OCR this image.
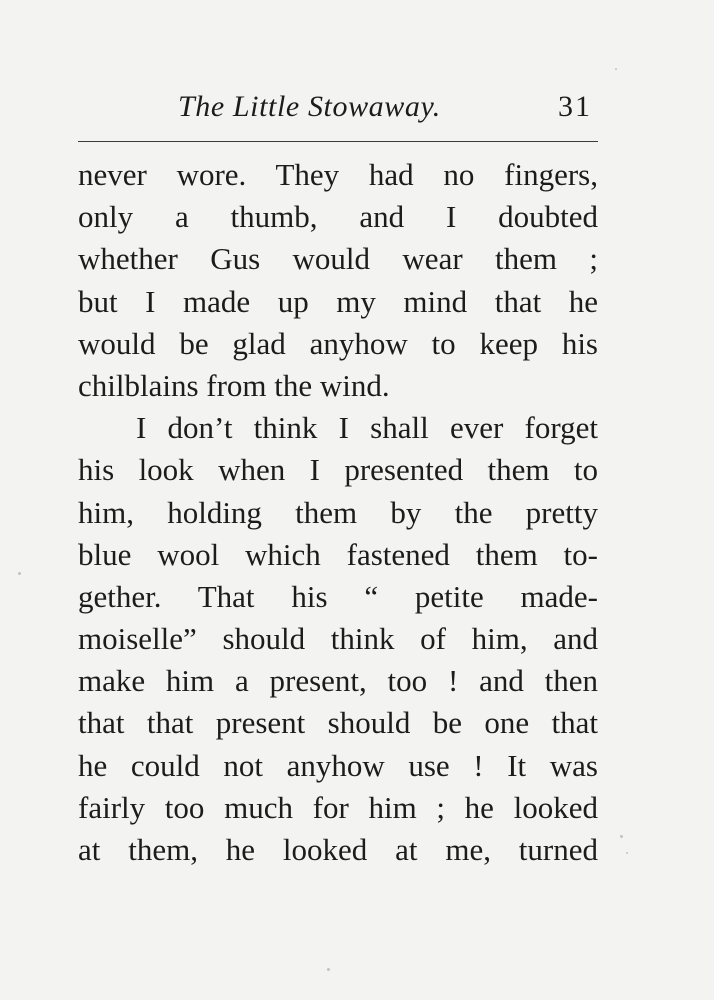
The Little Stowaway.	31
never wore. They had no fingers,
only a thumb, and I doubted
whether Gus would wear them ;
but I made up my mind that he
would be glad anyhow to keep his
chilblains from the wind.
I don’t think I shall ever forget
his look when I presented them to
him, holding them by the pretty
blue wool which fastened them to-
gether. That his “ petite made-
moiselle” should think of him, and
make him a present, too ! and then
that that present should be one that
he could not anyhow use ! It was
fairly too much for him ; he looked
at them, he looked at me, turned
